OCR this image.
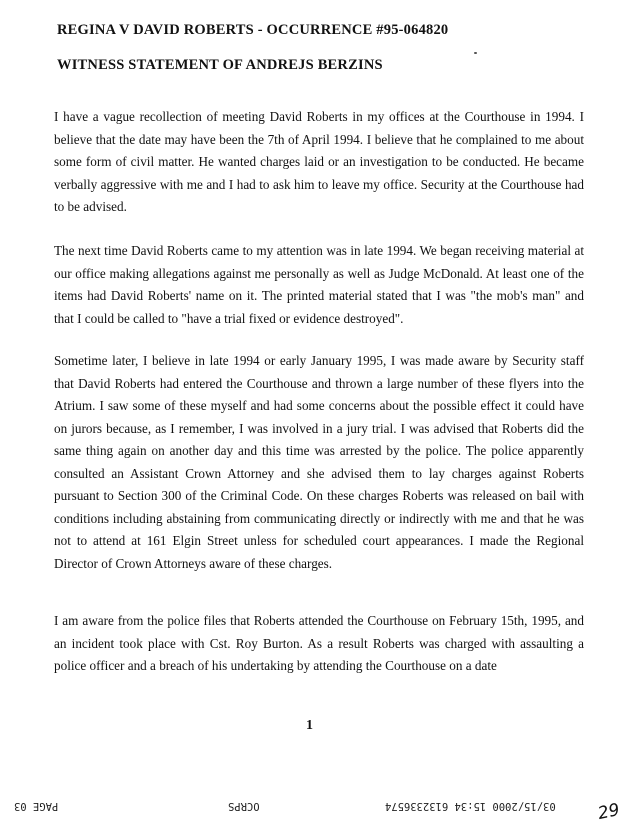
REGINA V DAVID ROBERTS - OCCURRENCE #95-064820
WITNESS STATEMENT OF ANDREJS BERZINS
I have a vague recollection of meeting David Roberts in my offices at the Courthouse in 1994. I believe that the date may have been the 7th of April 1994. I believe that he complained to me about some form of civil matter. He wanted charges laid or an investigation to be conducted. He became verbally aggressive with me and I had to ask him to leave my office. Security at the Courthouse had to be advised.
The next time David Roberts came to my attention was in late 1994. We began receiving material at our office making allegations against me personally as well as Judge McDonald. At least one of the items had David Roberts' name on it. The printed material stated that I was "the mob's man" and that I could be called to "have a trial fixed or evidence destroyed".
Sometime later, I believe in late 1994 or early January 1995, I was made aware by Security staff that David Roberts had entered the Courthouse and thrown a large number of these flyers into the Atrium. I saw some of these myself and had some concerns about the possible effect it could have on jurors because, as I remember, I was involved in a jury trial. I was advised that Roberts did the same thing again on another day and this time was arrested by the police. The police apparently consulted an Assistant Crown Attorney and she advised them to lay charges against Roberts pursuant to Section 300 of the Criminal Code. On these charges Roberts was released on bail with conditions including abstaining from communicating directly or indirectly with me and that he was not to attend at 161 Elgin Street unless for scheduled court appearances. I made the Regional Director of Crown Attorneys aware of these charges.
I am aware from the police files that Roberts attended the Courthouse on February 15th, 1995, and an incident took place with Cst. Roy Burton. As a result Roberts was charged with assaulting a police officer and a breach of his undertaking by attending the Courthouse on a date
1
PAGE 03	OCRPS	03/15/2000 15:34 6132336574 29
